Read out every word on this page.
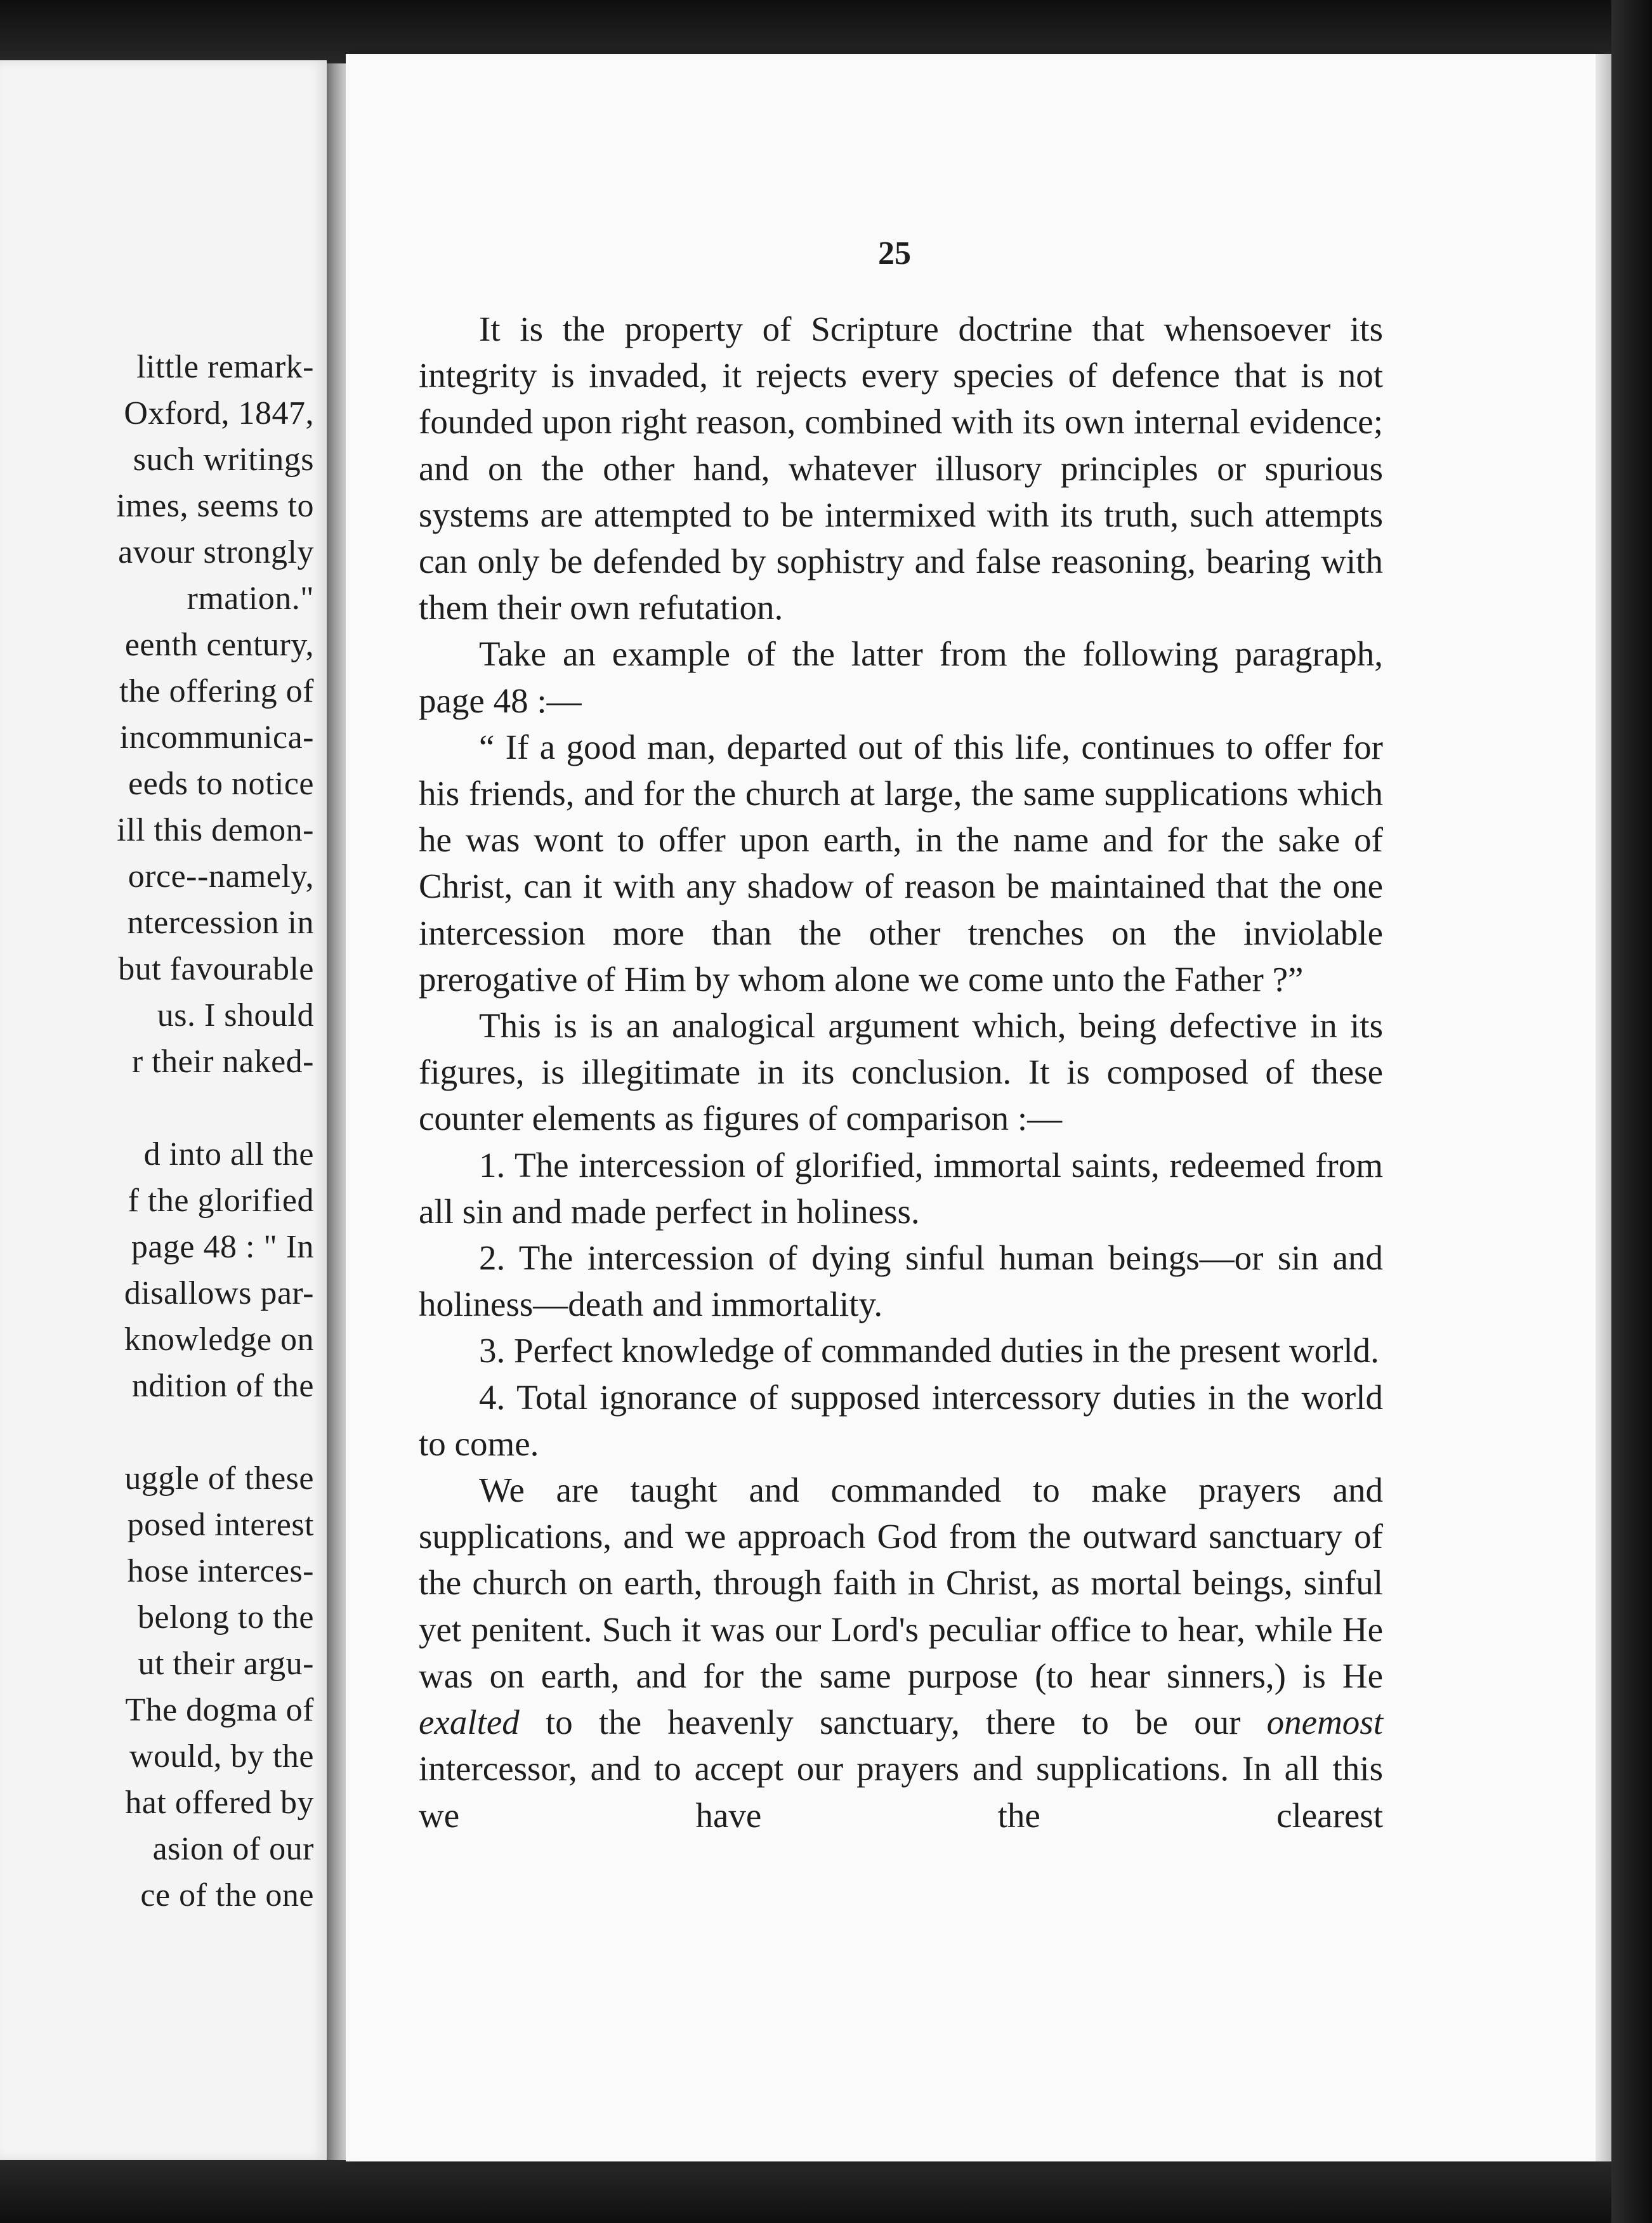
little remark-
Oxford, 1847,
such writings
imes, seems to
avour strongly
rmation."
eenth century,
the offering of
incommunica-
eeds to notice
ill this demon-
orce--namely,
ntercession in
but favourable
us. I should
r their naked-
d into all the
f the glorified
page 48 : " In
disallows par-
knowledge on
ndition of the
uggle of these
posed interest
hose interces-
belong to the
ut their argu-
The dogma of
would, by the
hat offered by
asion of our
ce of the one
25

It is the property of Scripture doctrine that whensoever its integrity is invaded, it rejects every species of defence that is not founded upon right reason, combined with its own internal evidence; and on the other hand, whatever illusory principles or spurious systems are attempted to be intermixed with its truth, such attempts can only be defended by sophistry and false reasoning, bearing with them their own refutation.

Take an example of the latter from the following paragraph, page 48 :—

“ If a good man, departed out of this life, continues to offer for his friends, and for the church at large, the same supplications which he was wont to offer upon earth, in the name and for the sake of Christ, can it with any shadow of reason be maintained that the one intercession more than the other trenches on the inviolable prerogative of Him by whom alone we come unto the Father ?”

This is is an analogical argument which, being defective in its figures, is illegitimate in its conclusion. It is composed of these counter elements as figures of comparison :—

1. The intercession of glorified, immortal saints, redeemed from all sin and made perfect in holiness.

2. The intercession of dying sinful human beings—or sin and holiness—death and immortality.

3. Perfect knowledge of commanded duties in the present world.

4. Total ignorance of supposed intercessory duties in the world to come.

We are taught and commanded to make prayers and supplications, and we approach God from the outward sanctuary of the church on earth, through faith in Christ, as mortal beings, sinful yet penitent. Such it was our Lord's peculiar office to hear, while He was on earth, and for the same purpose (to hear sinners,) is He exalted to the heavenly sanctuary, there to be our onemost intercessor, and to accept our prayers and supplications. In all this we have the clearest
